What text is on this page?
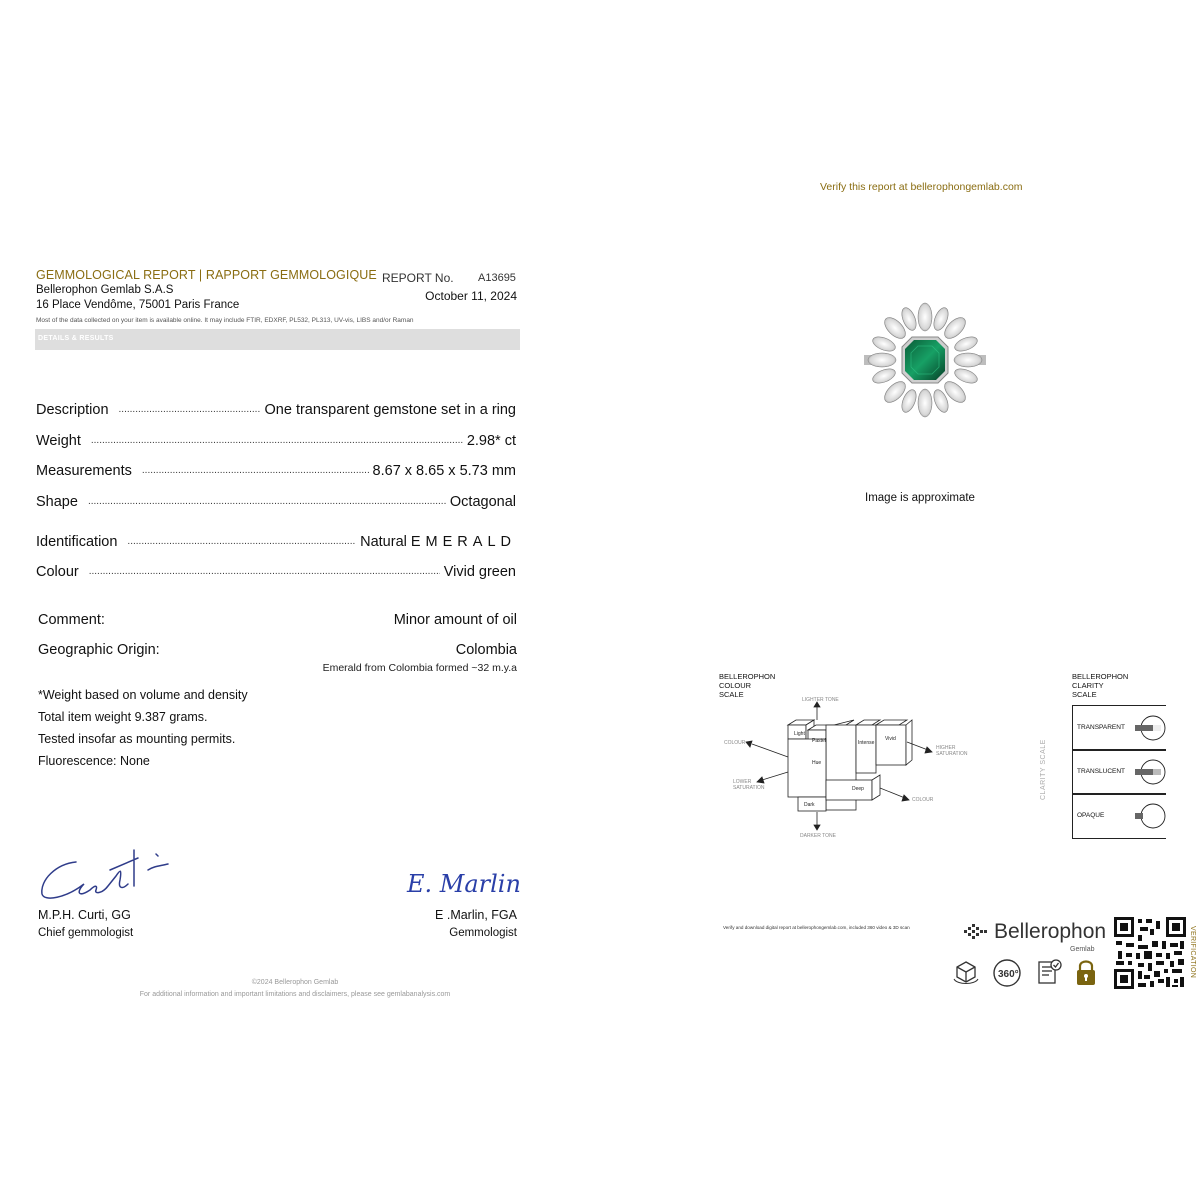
GEMMOLOGICAL REPORT | RAPPORT GEMMOLOGIQUE
Bellerophon Gemlab S.A.S
16 Place Vendôme, 75001 Paris France
REPORT No. A13695
October 11, 2024
Most of the data collected on your item is available online. It may include FTIR, EDXRF, PL532, PL313, UV-vis, LIBS and/or Raman
DETAILS & RESULTS
Description .....	One transparent gemstone set in a ring
Weight .....	2.98* ct
Measurements .....	8.67 x 8.65 x 5.73 mm
Shape .....	Octagonal
Identification .....	Natural EMERALD
Colour .....	Vivid green
Comment:	Minor amount of oil
Geographic Origin:	Colombia
Emerald from Colombia formed ~32 m.y.a
*Weight based on volume and density
Total item weight 9.387 grams.
Tested insofar as mounting permits.
Fluorescence: None
E. Marlin
M.P.H. Curti, GG
Chief gemmologist
E .Marlin, FGA
Gemmologist
©2024 Bellerophon Gemlab
For additional information and important limitations and disclaimers, please see gemlabanalysis.com
Verify this report at bellerophongemlab.com
Image is approximate
BELLEROPHON
COLOUR
SCALE
Light
Pastel	Intense
Vivid
Hue
Dark
Deep
LIGHTER TONE
DARKER TONE
COLOUR
COLOUR
HIGHER
SATURATION
LOWER
SATURATION
BELLEROPHON
CLARITY
SCALE
CLARITY SCALE
TRANSPARENT
TRANSLUCENT
OPAQUE
Verify and download digital report at bellerophongemlab.com, included 360 video & 3D scan	Bellerophon
Gemlab	VERIFICATION
360°
